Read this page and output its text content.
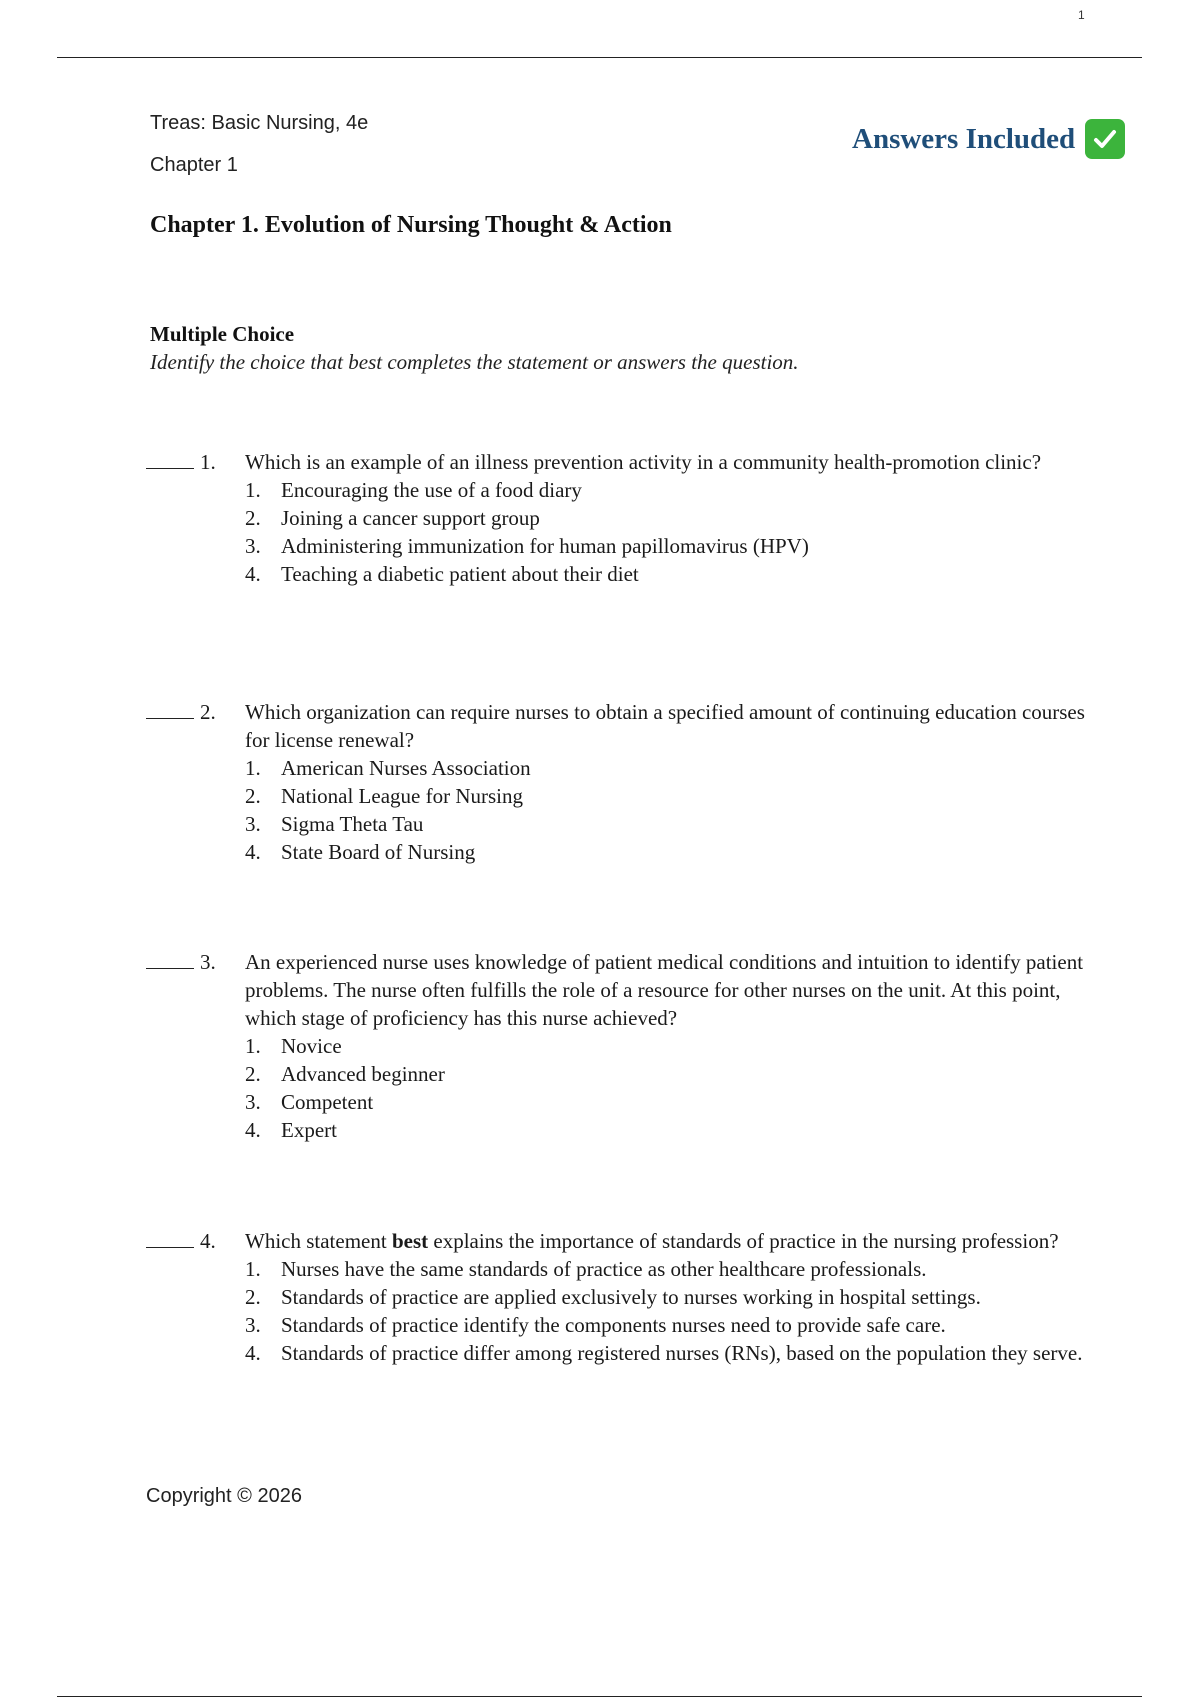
1
Treas: Basic Nursing, 4e
Chapter 1
Answers Included
Chapter 1. Evolution of Nursing Thought & Action
Multiple Choice
Identify the choice that best completes the statement or answers the question.
1.	Which is an example of an illness prevention activity in a community health-promotion clinic?
1. Encouraging the use of a food diary
2. Joining a cancer support group
3. Administering immunization for human papillomavirus (HPV)
4. Teaching a diabetic patient about their diet
2.	Which organization can require nurses to obtain a specified amount of continuing education courses for license renewal?
1. American Nurses Association
2. National League for Nursing
3. Sigma Theta Tau
4. State Board of Nursing
3.	An experienced nurse uses knowledge of patient medical conditions and intuition to identify patient problems. The nurse often fulfills the role of a resource for other nurses on the unit. At this point, which stage of proficiency has this nurse achieved?
1. Novice
2. Advanced beginner
3. Competent
4. Expert
4.	Which statement best explains the importance of standards of practice in the nursing profession?
1. Nurses have the same standards of practice as other healthcare professionals.
2. Standards of practice are applied exclusively to nurses working in hospital settings.
3. Standards of practice identify the components nurses need to provide safe care.
4. Standards of practice differ among registered nurses (RNs), based on the population they serve.
Copyright © 2026
